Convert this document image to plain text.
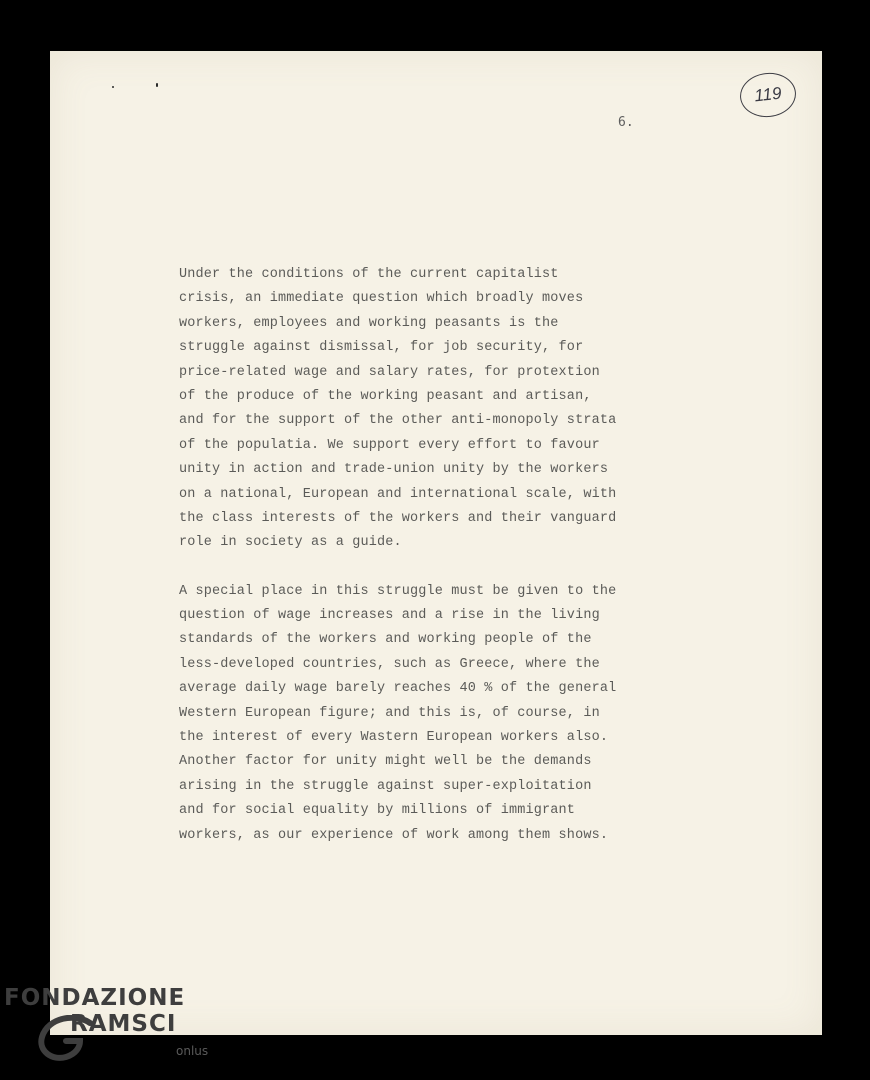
119
6.
Under the conditions of the current capitalist
crisis, an immediate question which broadly moves
workers, employees and working peasants is the
struggle against dismissal, for job security, for
price-related wage and salary rates, for protextion
of the produce of the working peasant and artisan,
and for the support of the other anti-monopoly strata
of the populatia. We support every effort to favour
unity in action and trade-union unity by the workers
on a national, European and international scale, with
the class interests of the workers and their vanguard
role in society as a guide.
A special place in this struggle must be given to the
question of wage increases and a rise in the living
standards of the workers and working people of the
less-developed countries, such as Greece, where the
average daily wage barely reaches 40 % of the general
Western European figure; and this is, of course, in
the interest of every Wastern European workers also.
Another factor for unity might well be the demands
arising in the struggle against super-exploitation
and for social equality by millions of immigrant
workers, as our experience of work among them shows.
FONDAZIONE
RAMSCI
onlus
